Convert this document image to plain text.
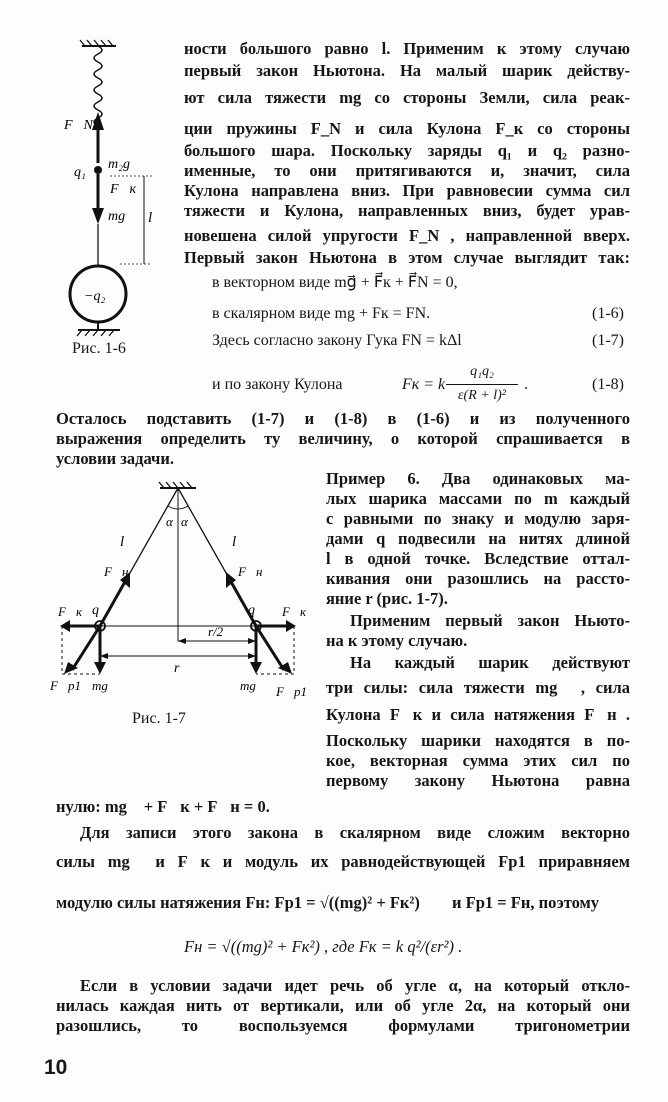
F⃗N
q₁
m₂g⃗
F⃗к
mg⃗ l
−q₂
Рис. 1-6
ности большого равно l. Применим к этому случаю
первый закон Ньютона. На малый шарик действу-
ют сила тяжести mg со стороны Земли, сила реак-
ции пружины F_N и сила Кулона F_к со стороны
большого шара. Поскольку заряды q₁ и q₂ разно-
именные, то они притягиваются и, значит, сила
Кулона направлена вниз. При равновесии сумма сил
тяжести и Кулона, направленных вниз, будет урав-
новешена силой упругости F_N , направленной вверх.
Первый закон Ньютона в этом случае выглядит так:
в векторном виде mg⃗ + F⃗к + F⃗N = 0,
в скалярном виде mg + Fк = FN.	(1-6)
Здесь согласно закону Гука FN = kΔl	(1-7)
и по закону Кулона	Fк = k
q₁q₂
ε(R + l)²
.	(1-8)
Осталось подставить (1-7) и (1-8) в (1-6) и из полученного
выражения определить ту величину, о которой спрашивается в
условии задачи.
α α
l	l
F⃗н	F⃗н
F⃗к	F⃗к
q	q
r/2
r
F⃗р1 mg⃗	mg⃗ F⃗р1
Рис. 1-7
Пример 6. Два одинаковых ма-
лых шарика массами по m каждый
с равными по знаку и модулю заря-
дами q подвесили на нитях длиной
l в одной точке. Вследствие оттал-
кивания они разошлись на рассто-
яние r (рис. 1-7).
Применим первый закон Ньюто-
на к этому случаю.
На каждый шарик действуют
три силы: сила тяжести mg⃗ , сила
Кулона F⃗к и сила натяжения F⃗н .
Поскольку шарики находятся в по-
кое, векторная сумма этих сил по
первому закону Ньютона равна
нулю: mg⃗ + F⃗к + F⃗н = 0.
Для записи этого закона в скалярном виде сложим векторно
силы mg⃗ и F⃗к и модуль их равнодействующей Fр1 приравняем
модулю силы натяжения Fн: Fр1 = √((mg)² + Fк²) и Fр1 = Fн, поэтому
Fн = √((mg)² + Fк²) , где Fк = k q²/(εr²) .
Если в условии задачи идет речь об угле α, на который откло-
нилась каждая нить от вертикали, или об угле 2α, на который они
разошлись, то воспользуемся формулами тригонометрии
10
